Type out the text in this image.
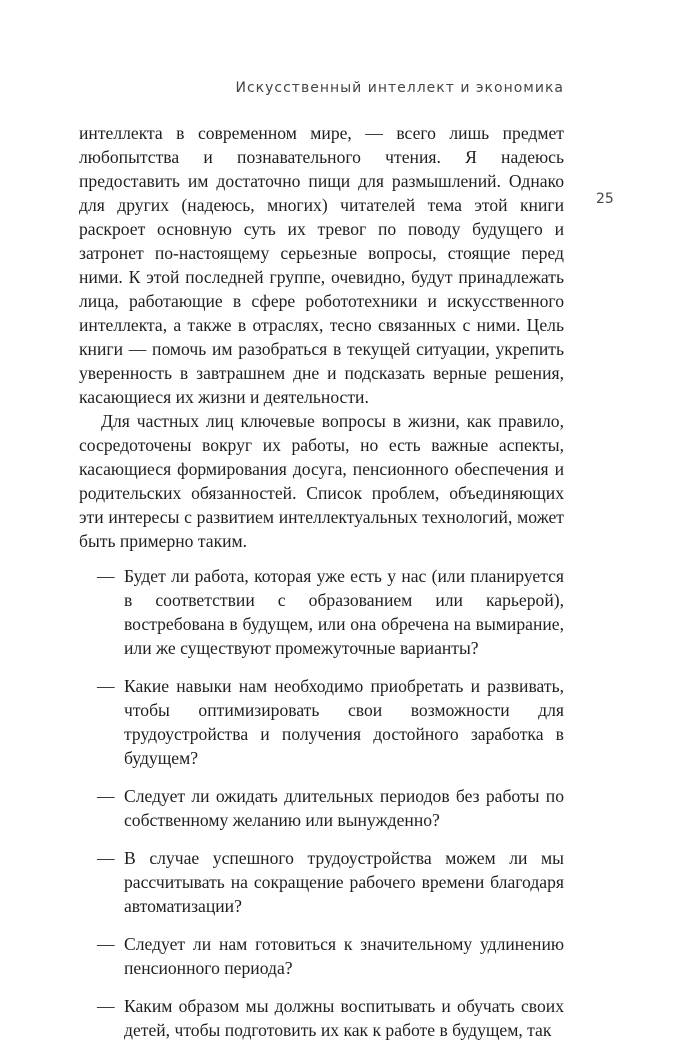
Искусственный интеллект и экономика
25

интеллекта в современном мире, — всего лишь предмет любопытства и познавательного чтения. Я надеюсь предоставить им достаточно пищи для размышлений. Однако для других (надеюсь, многих) читателей тема этой книги раскроет основную суть их тревог по поводу будущего и затронет по-настоящему серьезные вопросы, стоящие перед ними. К этой последней группе, очевидно, будут принадлежать лица, работающие в сфере робототехники и искусственного интеллекта, а также в отраслях, тесно связанных с ними. Цель книги — помочь им разобраться в текущей ситуации, укрепить уверенность в завтрашнем дне и подсказать верные решения, касающиеся их жизни и деятельности.

Для частных лиц ключевые вопросы в жизни, как правило, сосредоточены вокруг их работы, но есть важные аспекты, касающиеся формирования досуга, пенсионного обеспечения и родительских обязанностей. Список проблем, объединяющих эти интересы с развитием интеллектуальных технологий, может быть примерно таким.

— Будет ли работа, которая уже есть у нас (или планируется в соответствии с образованием или карьерой), востребована в будущем, или она обречена на вымирание, или же существуют промежуточные варианты?
— Какие навыки нам необходимо приобретать и развивать, чтобы оптимизировать свои возможности для трудоустройства и получения достойного заработка в будущем?
— Следует ли ожидать длительных периодов без работы по собственному желанию или вынужденно?
— В случае успешного трудоустройства можем ли мы рассчитывать на сокращение рабочего времени благодаря автоматизации?
— Следует ли нам готовиться к значительному удлинению пенсионного периода?
— Каким образом мы должны воспитывать и обучать своих детей, чтобы подготовить их как к работе в будущем, так
